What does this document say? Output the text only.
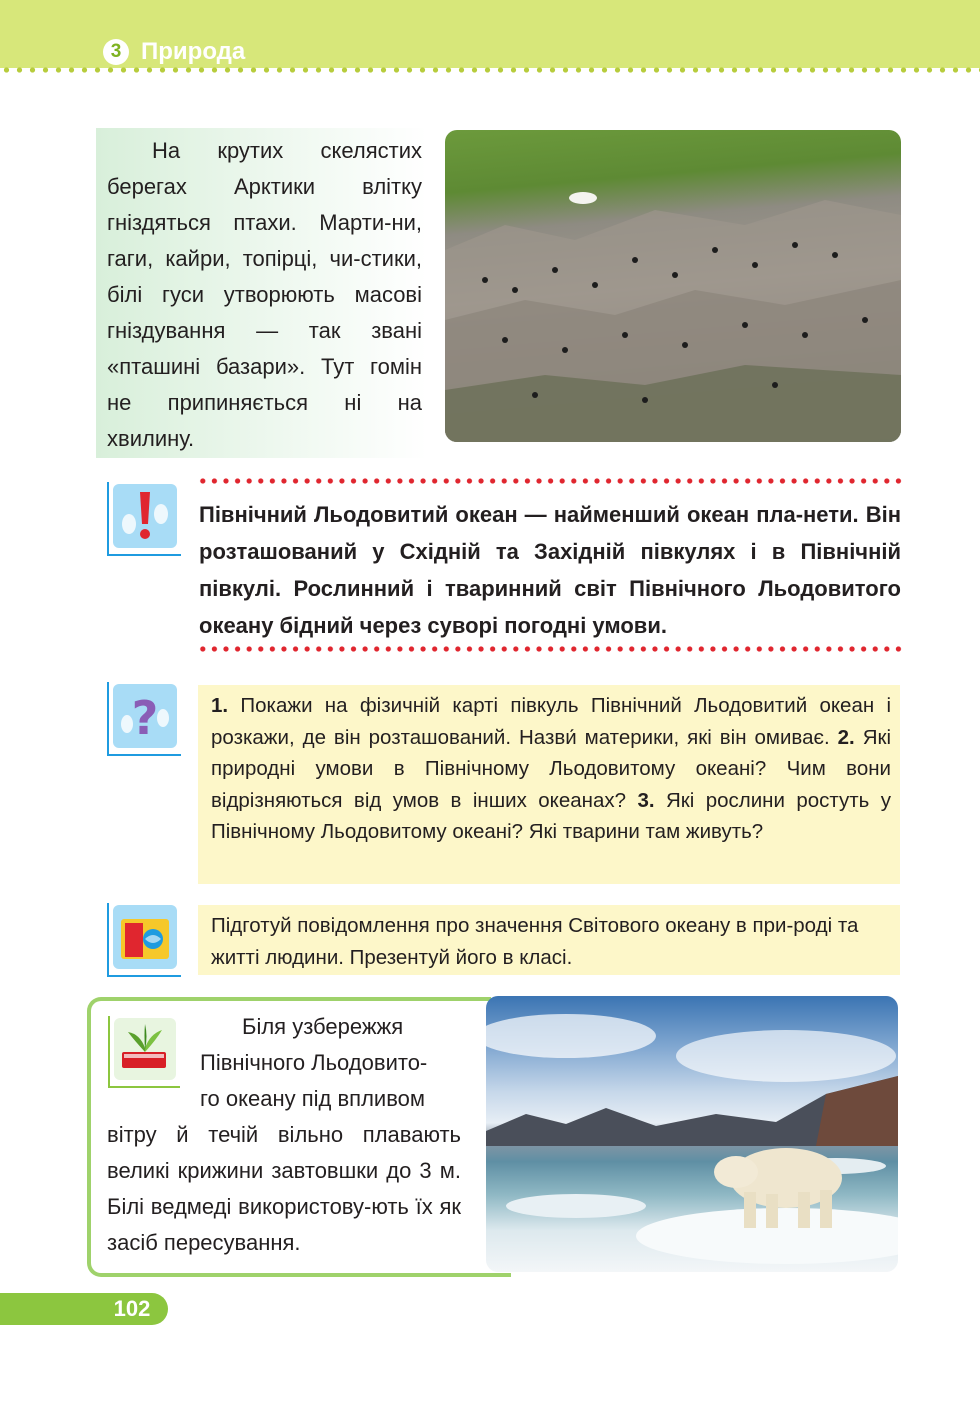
3 Природа
На крутих скелястих берегах Арктики влітку гніздяться птахи. Марти-ни, гаги, кайри, топірці, чи-стики, білі гуси утворюють масові гніздування — так звані «пташині базари». Тут гомін не припиняється ні на хвилину.
Північний Льодовитий океан — найменший океан пла-нети. Він розташований у Східній та Західній півкулях і в Північній півкулі. Рослинний і тваринний світ Північного Льодовитого океану бідний через суворі погодні умови.
?	1. Покажи на фізичній карті півкуль Північний Льодовитий океан і розкажи, де він розташований. Назви́ материки, які він омиває. 2. Які природні умови в Північному Льодовитому океані? Чим вони відрізняються від умов в інших океанах? 3. Які рослини ростуть у Північному Льодовитому океані? Які тварини там живуть?
Підготуй повідомлення про значення Світового океану в при-роді та житті людини. Презентуй його в класі.
Біля узбережжя
Північного Льодовито-
го океану під впливом
вітру й течій вільно плавають великі крижини завтовшки до 3 м. Білі ведмеді використову-ють їх як засіб пересування.
102
